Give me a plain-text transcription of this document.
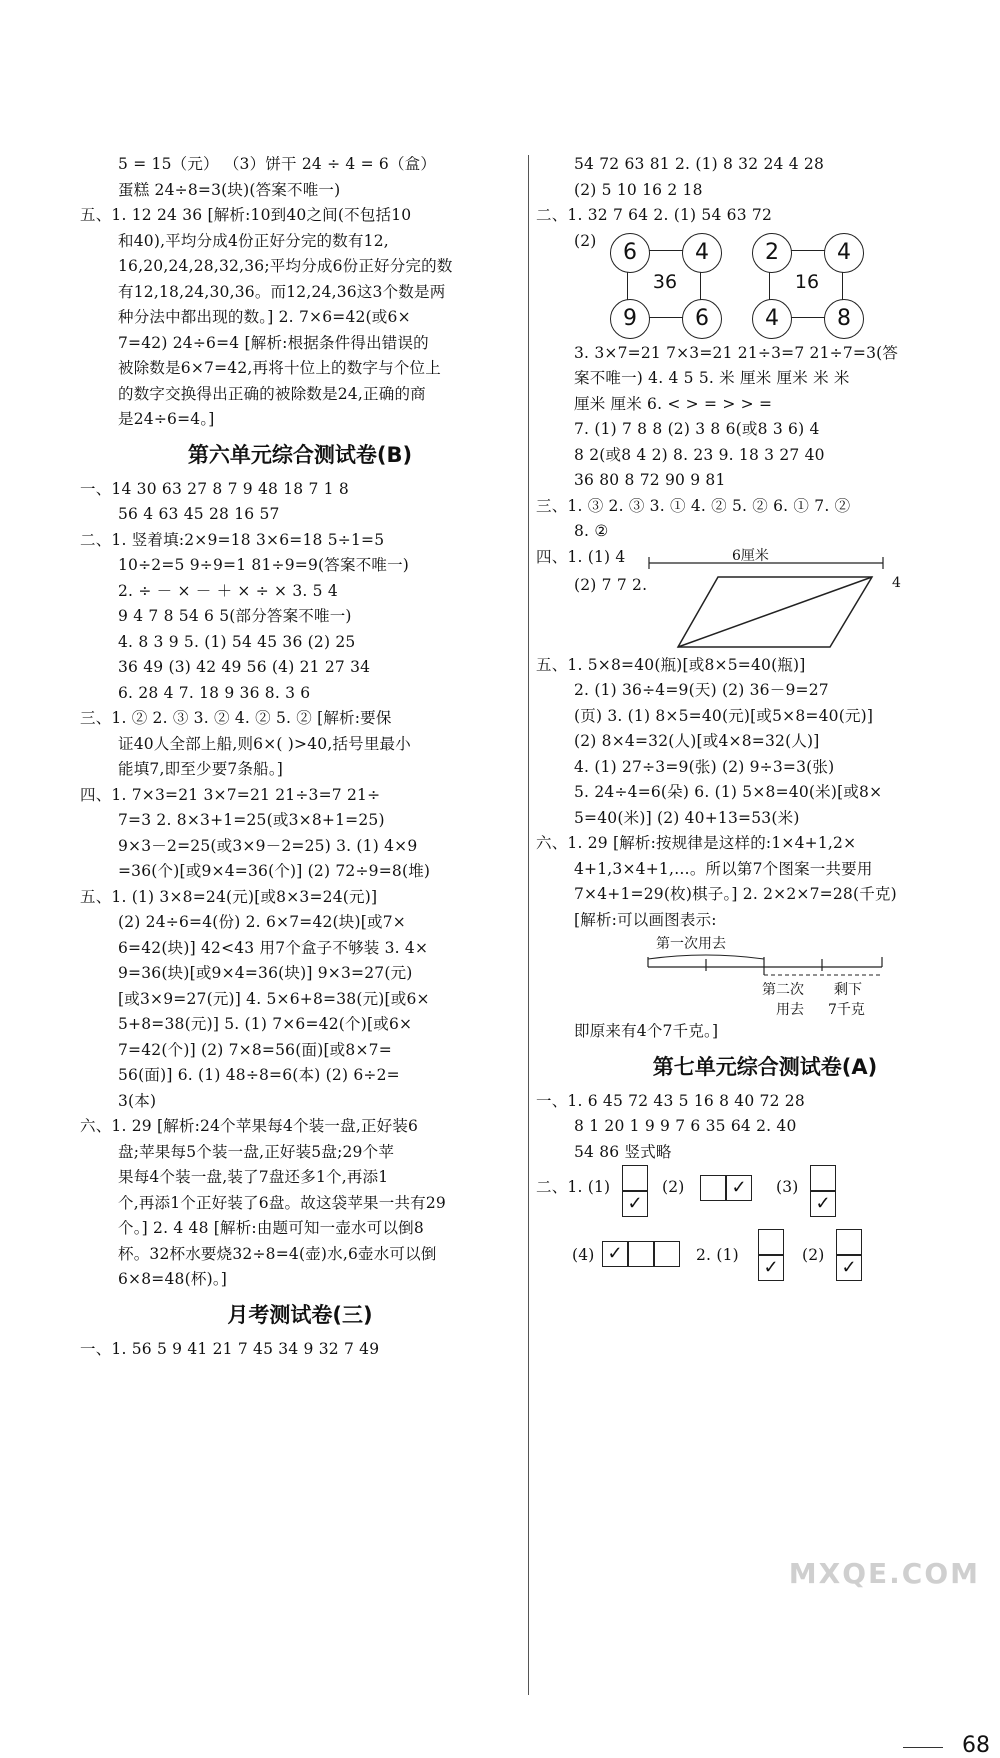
5 = 15（元） （3）饼干 24 ÷ 4 = 6（盒）
蛋糕 24÷8=3(块)(答案不唯一)
五、1. 12 24 36 [解析:10到40之间(不包括10
和40),平均分成4份正好分完的数有12,
16,20,24,28,32,36;平均分成6份正好分完的数
有12,18,24,30,36。而12,24,36这3个数是两
种分法中都出现的数。] 2. 7×6=42(或6×
7=42) 24÷6=4 [解析:根据条件得出错误的
被除数是6×7=42,再将十位上的数字与个位上
的数字交换得出正确的被除数是24,正确的商
是24÷6=4。]
第六单元综合测试卷(B)
一、14 30 63 27 8 7 9 48 18 7 1 8
56 4 63 45 28 16 57
二、1. 竖着填:2×9=18 3×6=18 5÷1=5
10÷2=5 9÷9=1 81÷9=9(答案不唯一)
2. ÷ － × － ＋ × ÷ × 3. 5 4
9 4 7 8 54 6 5(部分答案不唯一)
4. 8 3 9 5. (1) 54 45 36 (2) 25
36 49 (3) 42 49 56 (4) 21 27 34
6. 28 4 7. 18 9 36 8. 3 6
三、1. ② 2. ③ 3. ② 4. ② 5. ② [解析:要保
证40人全部上船,则6×( )>40,括号里最小
能填7,即至少要7条船。]
四、1. 7×3=21 3×7=21 21÷3=7 21÷
7=3 2. 8×3+1=25(或3×8+1=25)
9×3－2=25(或3×9－2=25) 3. (1) 4×9
=36(个)[或9×4=36(个)] (2) 72÷9=8(堆)
五、1. (1) 3×8=24(元)[或8×3=24(元)]
(2) 24÷6=4(份) 2. 6×7=42(块)[或7×
6=42(块)] 42<43 用7个盒子不够装 3. 4×
9=36(块)[或9×4=36(块)] 9×3=27(元)
[或3×9=27(元)] 4. 5×6+8=38(元)[或6×
5+8=38(元)] 5. (1) 7×6=42(个)[或6×
7=42(个)] (2) 7×8=56(面)[或8×7=
56(面)] 6. (1) 48÷8=6(本) (2) 6÷2=
3(本)
六、1. 29 [解析:24个苹果每4个装一盘,正好装6
盘;苹果每5个装一盘,正好装5盘;29个苹
果每4个装一盘,装了7盘还多1个,再添1
个,再添1个正好装了6盘。故这袋苹果一共有29
个。] 2. 4 48 [解析:由题可知一壶水可以倒8
杯。32杯水要烧32÷8=4(壶)水,6壶水可以倒
6×8=48(杯)。]
月考测试卷(三)
一、1. 56 5 9 41 21 7 45 34 9 32 7 49
54 72 63 81 2. (1) 8 32 24 4 28
(2) 5 10 16 2 18
二、1. 32 7 64 2. (1) 54 63 72
(2)	6	4
9	6
36
2	4
4	8
16
3. 3×7=21 7×3=21 21÷3=7 21÷7=3(答
案不唯一) 4. 4 5 5. 米 厘米 厘米 米 米
厘米 厘米 6. < > = > > =
7. (1) 7 8 8 (2) 3 8 6(或8 3 6) 4
8 2(或8 4 2) 8. 23 9. 18 3 27 40
36 80 8 72 90 9 81
三、1. ③ 2. ③ 3. ① 4. ② 5. ② 6. ① 7. ②
8. ②
四、1. (1) 4	6厘米
(2) 7 7 2.	4
五、1. 5×8=40(瓶)[或8×5=40(瓶)]
2. (1) 36÷4=9(天) (2) 36－9=27
(页) 3. (1) 8×5=40(元)[或5×8=40(元)]
(2) 8×4=32(人)[或4×8=32(人)]
4. (1) 27÷3=9(张) (2) 9÷3=3(张)
5. 24÷4=6(朵) 6. (1) 5×8=40(米)[或8×
5=40(米)] (2) 40+13=53(米)
六、1. 29 [解析:按规律是这样的:1×4+1,2×
4+1,3×4+1,…。所以第7个图案一共要用
7×4+1=29(枚)棋子。] 2. 2×2×7=28(千克)
[解析:可以画图表示:
第一次用去
第二次 剩下
用去 7千克
即原来有4个7千克。]
第七单元综合测试卷(A)
一、1. 6 45 72 43 5 16 8 40 72 28
8 1 20 1 9 9 7 6 35 64 2. 40
54 86 竖式略
二、1. (1)

✓
(2)	✓	(3)

✓
(4) ✓	2. (1)

✓
(2)

✓
68
MXQE.COM
